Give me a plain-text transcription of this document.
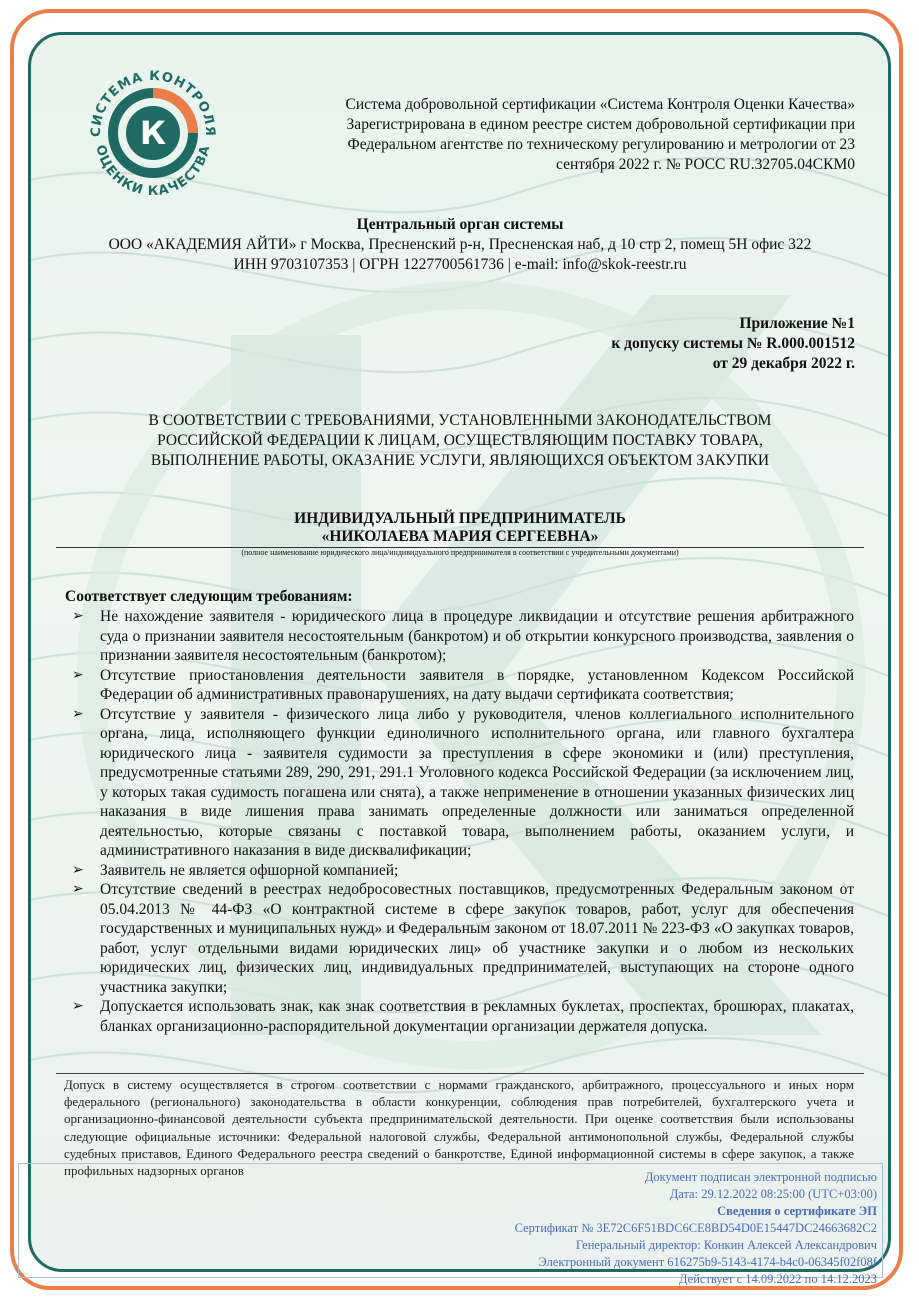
К
СИСТЕМА КОНТРОЛЯ
ОЦЕНКИ КАЧЕСТВА
Система добровольной сертификации «Система Контроля Оценки Качества»
Зарегистрирована в едином реестре систем добровольной сертификации при
Федеральном агентстве по техническому регулированию и метрологии от 23
сентября 2022 г. № РОСС RU.32705.04СКМ0
Центральный орган системы
ООО «АКАДЕМИЯ АЙТИ» г Москва, Пресненский р-н, Пресненская наб, д 10 стр 2, помещ 5Н офис 322
ИНН 9703107353 | ОГРН 1227700561736 | e-mail: info@skok-reestr.ru
Приложение №1
к допуску системы № R.000.001512
от 29 декабря 2022 г.
В СООТВЕТСТВИИ С ТРЕБОВАНИЯМИ, УСТАНОВЛЕННЫМИ ЗАКОНОДАТЕЛЬСТВОМ
РОССИЙСКОЙ ФЕДЕРАЦИИ К ЛИЦАМ, ОСУЩЕСТВЛЯЮЩИМ ПОСТАВКУ ТОВАРА,
ВЫПОЛНЕНИЕ РАБОТЫ, ОКАЗАНИЕ УСЛУГИ, ЯВЛЯЮЩИХСЯ ОБЪЕКТОМ ЗАКУПКИ
ИНДИВИДУАЛЬНЫЙ ПРЕДПРИНИМАТЕЛЬ
«НИКОЛАЕВА МАРИЯ СЕРГЕЕВНА»
(полное наименование юридического лица/индивидуального предпринимателя в соответствии с учредительными документами)
Соответствует следующим требованиям:
➢ Не нахождение заявителя - юридического лица в процедуре ликвидации и отсутствие решения арбитражного суда о признании заявителя несостоятельным (банкротом) и об открытии конкурсного производства, заявления о признании заявителя несостоятельным (банкротом);
➢ Отсутствие приостановления деятельности заявителя в порядке, установленном Кодексом Российской Федерации об административных правонарушениях, на дату выдачи сертификата соответствия;
➢ Отсутствие у заявителя - физического лица либо у руководителя, членов коллегиального исполнительного органа, лица, исполняющего функции единоличного исполнительного органа, или главного бухгалтера юридического лица - заявителя судимости за преступления в сфере экономики и (или) преступления, предусмотренные статьями 289, 290, 291, 291.1 Уголовного кодекса Российской Федерации (за исключением лиц, у которых такая судимость погашена или снята), а также неприменение в отношении указанных физических лиц наказания в виде лишения права занимать определенные должности или заниматься определенной деятельностью, которые связаны с поставкой товара, выполнением работы, оказанием услуги, и административного наказания в виде дисквалификации;
➢ Заявитель не является офшорной компанией;
➢ Отсутствие сведений в реестрах недобросовестных поставщиков, предусмотренных Федеральным законом от 05.04.2013 № 44-ФЗ «О контрактной системе в сфере закупок товаров, работ, услуг для обеспечения государственных и муниципальных нужд» и Федеральным законом от 18.07.2011 № 223-ФЗ «О закупках товаров, работ, услуг отдельными видами юридических лиц» об участнике закупки и о любом из нескольких юридических лиц, физических лиц, индивидуальных предпринимателей, выступающих на стороне одного участника закупки;
➢ Допускается использовать знак, как знак соответствия в рекламных буклетах, проспектах, брошюрах, плакатах, бланках организационно-распорядительной документации организации держателя допуска.
Допуск в систему осуществляется в строгом соответствии с нормами гражданского, арбитражного, процессуального и иных норм федерального (регионального) законодательства в области конкуренции, соблюдения прав потребителей, бухгалтерского учета и организационно-финансовой деятельности субъекта предпринимательской деятельности. При оценке соответствия были использованы следующие официальные источники: Федеральной налоговой службы, Федеральной антимонопольной службы, Федеральной службы судебных приставов, Единого Федерального реестра сведений о банкротстве, Единой информационной системы в сфере закупок, а также профильных надзорных органов	Документ подписан электронной подписью
Дата: 29.12.2022 08:25:00 (UTC+03:00)
Сведения о сертификате ЭП
Сертификат № 3E72C6F51BDC6CE8BD54D0E15447DC24663682C2
Генеральный директор: Конкин Алексей Александрович
Электронный документ 616275b9-5143-4174-b4c0-06345f02f08f
Действует с 14.09.2022 по 14.12.2023
